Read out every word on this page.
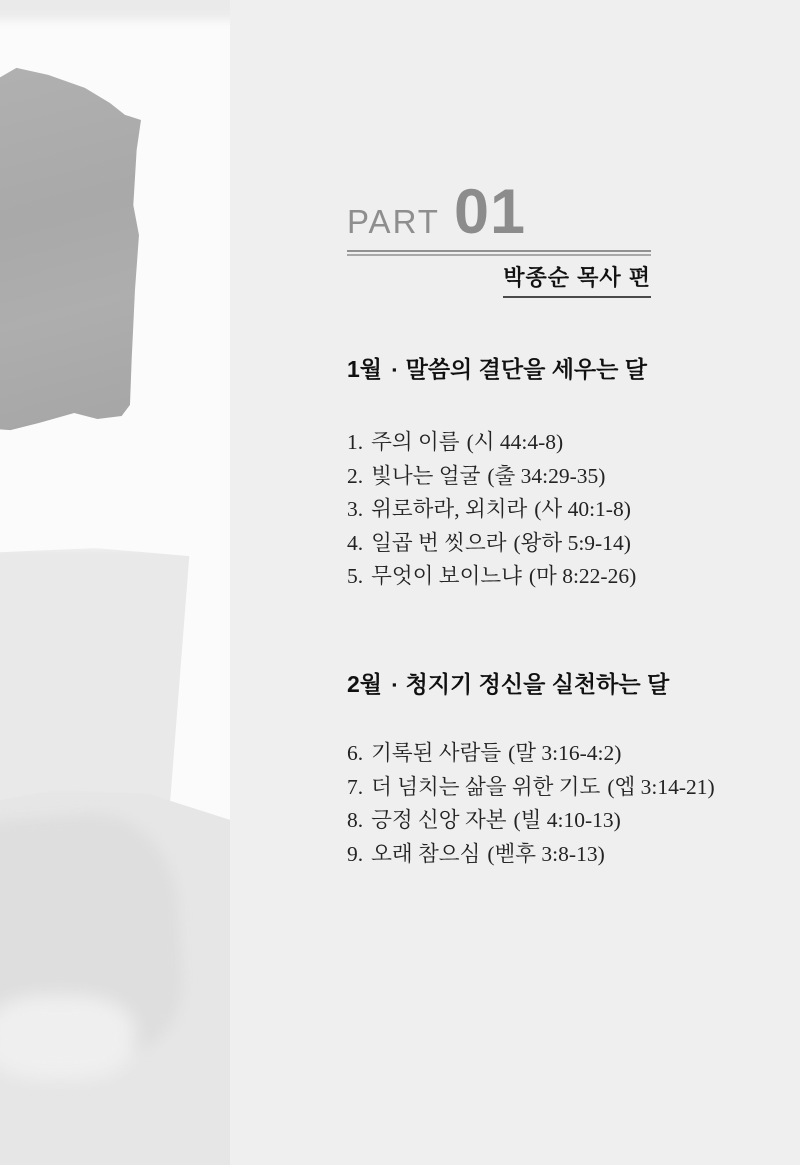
PART 01
박종순 목사 편
1월 ▪ 말씀의 결단을 세우는 달
1. 주의 이름 (시 44:4-8)
2. 빛나는 얼굴 (출 34:29-35)
3. 위로하라, 외치라 (사 40:1-8)
4. 일곱 번 씻으라 (왕하 5:9-14)
5. 무엇이 보이느냐 (마 8:22-26)
2월 ▪ 청지기 정신을 실천하는 달
6. 기록된 사람들 (말 3:16-4:2)
7. 더 넘치는 삶을 위한 기도 (엡 3:14-21)
8. 긍정 신앙 자본 (빌 4:10-13)
9. 오래 참으심 (벧후 3:8-13)
